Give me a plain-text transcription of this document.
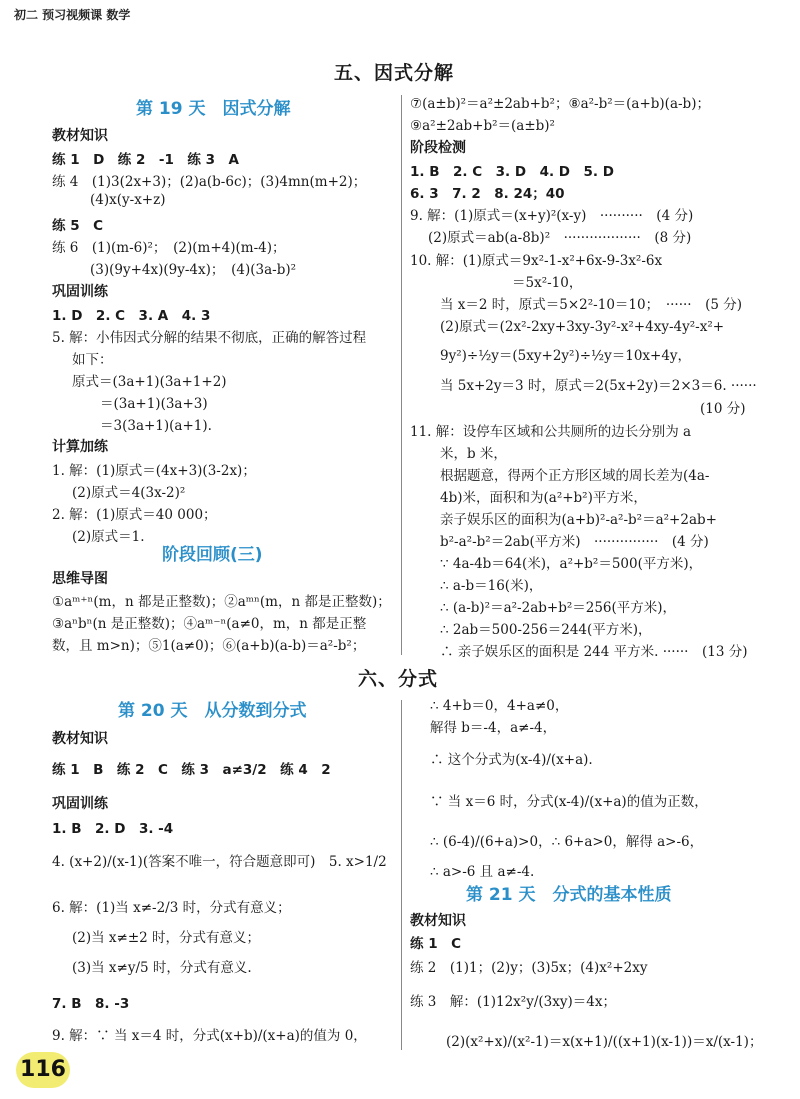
初二 预习视频课 数学
五、因式分解
第 19 天　因式分解
教材知识
练 1　D　练 2　-1　练 3　A
练 4　(1)3(2x+3)；(2)a(b-6c)；(3)4mn(m+2)；
(4)x(y-x+z)
练 5　C
练 6　(1)(m-6)²；　(2)(m+4)(m-4)；
(3)(9y+4x)(9y-4x)；　(4)(3a-b)²
巩固训练
1. D　2. C　3. A　4. 3
5. 解：小伟因式分解的结果不彻底，正确的解答过程
如下：
原式＝(3a+1)(3a+1+2)
＝(3a+1)(3a+3)
＝3(3a+1)(a+1).
计算加练
1. 解：(1)原式＝(4x+3)(3-2x)；
(2)原式＝4(3x-2)²
2. 解：(1)原式＝40 000；
(2)原式＝1.
阶段回顾(三)
思维导图
①aᵐ⁺ⁿ(m，n 都是正整数)；②aᵐⁿ(m，n 都是正整数)；
③aⁿbⁿ(n 是正整数)；④aᵐ⁻ⁿ(a≠0，m，n 都是正整
数，且 m>n)；⑤1(a≠0)；⑥(a+b)(a-b)＝a²-b²；
⑦(a±b)²＝a²±2ab+b²；⑧a²-b²＝(a+b)(a-b)；
⑨a²±2ab+b²＝(a±b)²
阶段检测
1. B　2. C　3. D　4. D　5. D
6. 3　7. 2　8. 24；40
9. 解：(1)原式＝(x+y)²(x-y)　··········　(4 分)
(2)原式＝ab(a-8b)²　··················　(8 分)
10. 解：(1)原式＝9x²-1-x²+6x-9-3x²-6x
＝5x²-10，
当 x＝2 时，原式＝5×2²-10＝10；　······　(5 分)
(2)原式＝(2x²-2xy+3xy-3y²-x²+4xy-4y²-x²+
9y²)÷½y＝(5xy+2y²)÷½y＝10x+4y，
当 5x+2y＝3 时，原式＝2(5x+2y)＝2×3＝6. ······
(10 分)
11. 解：设停车区域和公共厕所的边长分别为 a
米，b 米，
根据题意，得两个正方形区域的周长差为(4a-
4b)米，面积和为(a²+b²)平方米，
亲子娱乐区的面积为(a+b)²-a²-b²＝a²+2ab+
b²-a²-b²＝2ab(平方米)　···············　(4 分)
∵ 4a-4b＝64(米)，a²+b²＝500(平方米)，
∴ a-b＝16(米)，
∴ (a-b)²＝a²-2ab+b²＝256(平方米)，
∴ 2ab＝500-256＝244(平方米)，
∴ 亲子娱乐区的面积是 244 平方米. ······　(13 分)
六、分式
第 20 天　从分数到分式
教材知识
练 1　B　练 2　C　练 3　a≠3/2　练 4　2
巩固训练
1. B　2. D　3. -4
4. (x+2)/(x-1)(答案不唯一，符合题意即可)　5. x>1/2
6. 解：(1)当 x≠-2/3 时，分式有意义；
(2)当 x≠±2 时，分式有意义；
(3)当 x≠y/5 时，分式有意义.
7. B　8. -3
9. 解：∵ 当 x＝4 时，分式(x+b)/(x+a)的值为 0，
∴ 4+b＝0，4+a≠0，
解得 b＝-4，a≠-4，
∴ 这个分式为(x-4)/(x+a).
∵ 当 x＝6 时，分式(x-4)/(x+a)的值为正数，
∴ (6-4)/(6+a)>0，∴ 6+a>0，解得 a>-6，
∴ a>-6 且 a≠-4.
第 21 天　分式的基本性质
教材知识
练 1　C
练 2　(1)1；(2)y；(3)5x；(4)x²+2xy
练 3　解：(1)12x²y/(3xy)＝4x；
(2)(x²+x)/(x²-1)＝x(x+1)/((x+1)(x-1))＝x/(x-1)；
116
